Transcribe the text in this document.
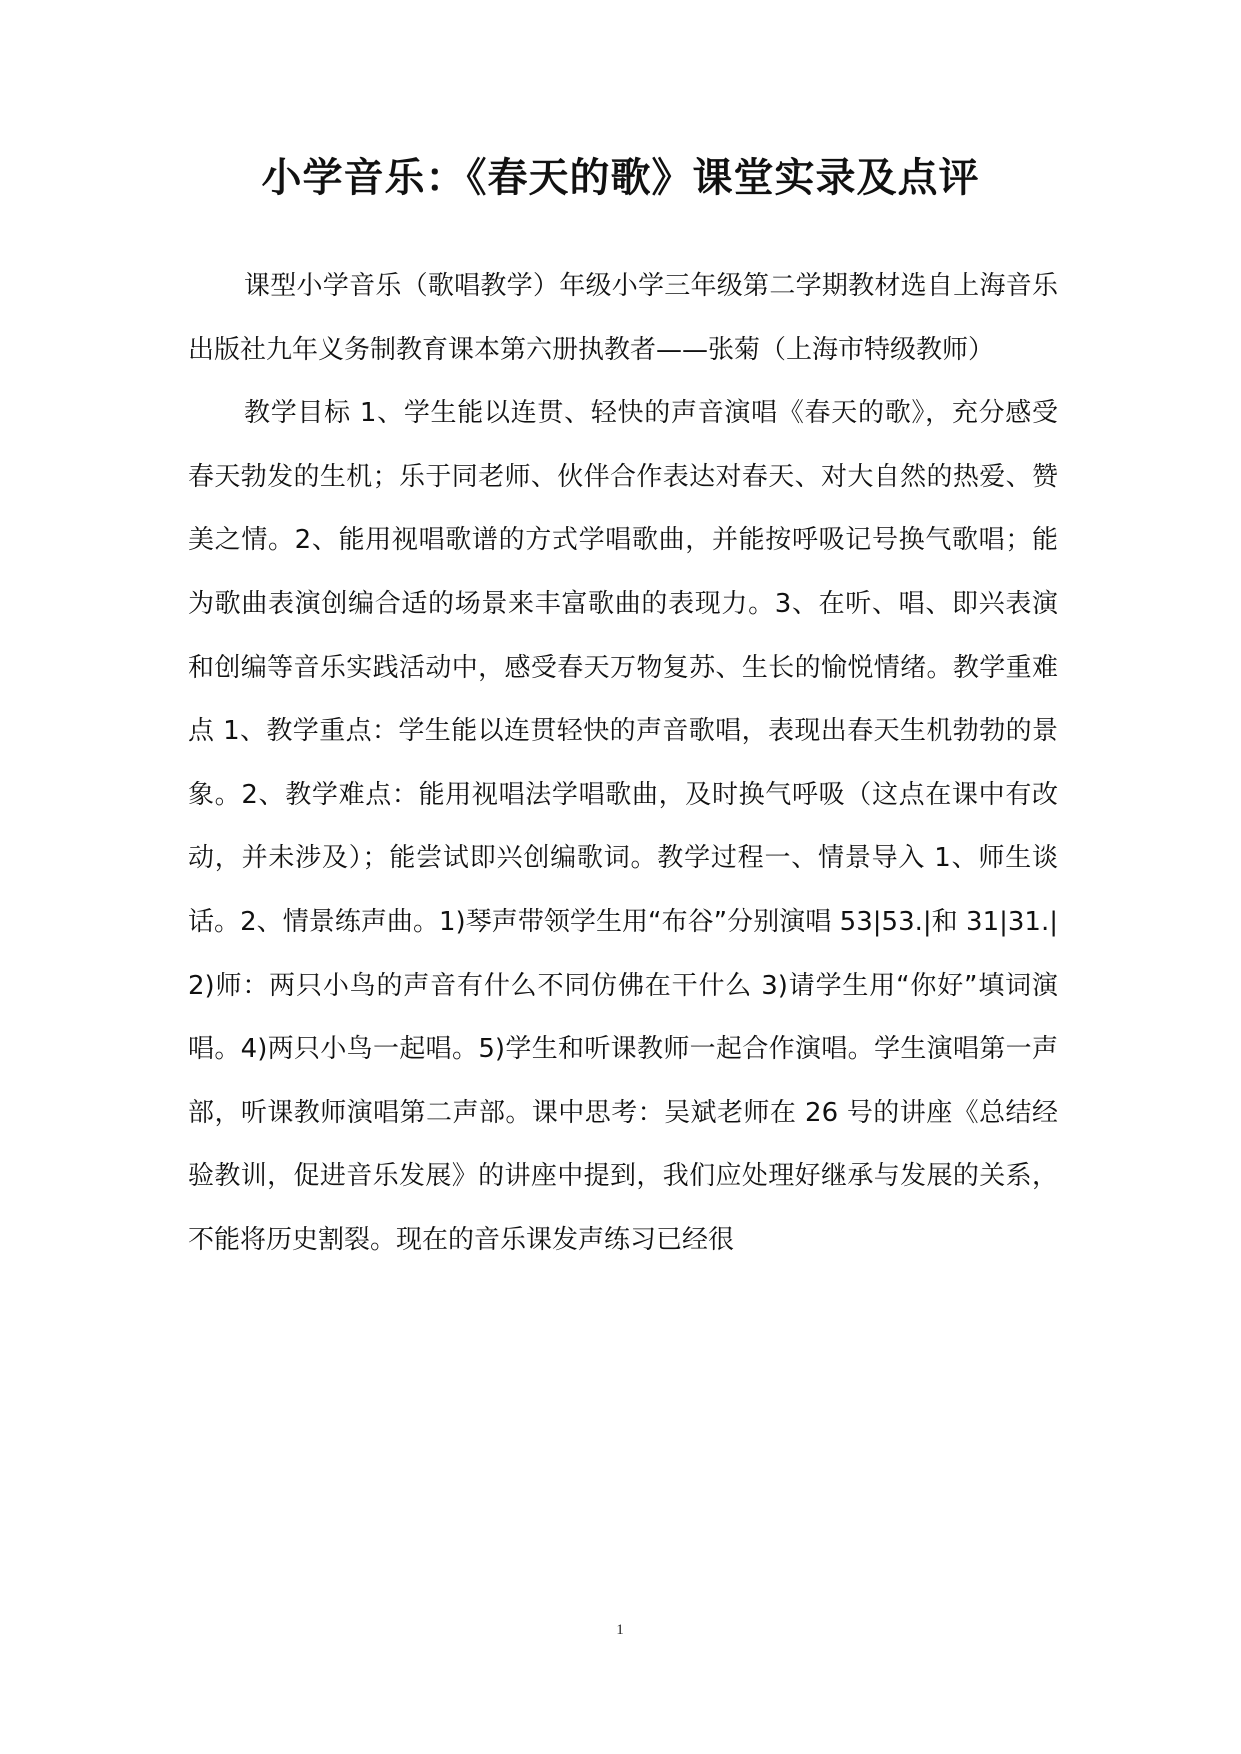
小学音乐：《春天的歌》课堂实录及点评

课型小学音乐（歌唱教学）年级小学三年级第二学期教材选自上海音乐出版社九年义务制教育课本第六册执教者——张菊（上海市特级教师）

教学目标 1、学生能以连贯、轻快的声音演唱《春天的歌》，充分感受春天勃发的生机；乐于同老师、伙伴合作表达对春天、对大自然的热爱、赞美之情。2、能用视唱歌谱的方式学唱歌曲，并能按呼吸记号换气歌唱；能为歌曲表演创编合适的场景来丰富歌曲的表现力。3、在听、唱、即兴表演和创编等音乐实践活动中，感受春天万物复苏、生长的愉悦情绪。教学重难点 1、教学重点：学生能以连贯轻快的声音歌唱，表现出春天生机勃勃的景象。2、教学难点：能用视唱法学唱歌曲，及时换气呼吸（这点在课中有改动，并未涉及）；能尝试即兴创编歌词。教学过程一、情景导入 1、师生谈话。2、情景练声曲。1)琴声带领学生用“布谷”分别演唱 53|53.|和 31|31.|2)师：两只小鸟的声音有什么不同仿佛在干什么 3)请学生用“你好”填词演唱。4)两只小鸟一起唱。5)学生和听课教师一起合作演唱。学生演唱第一声部，听课教师演唱第二声部。课中思考：吴斌老师在 26 号的讲座《总结经验教训，促进音乐发展》的讲座中提到，我们应处理好继承与发展的关系，不能将历史割裂。现在的音乐课发声练习已经很

1
